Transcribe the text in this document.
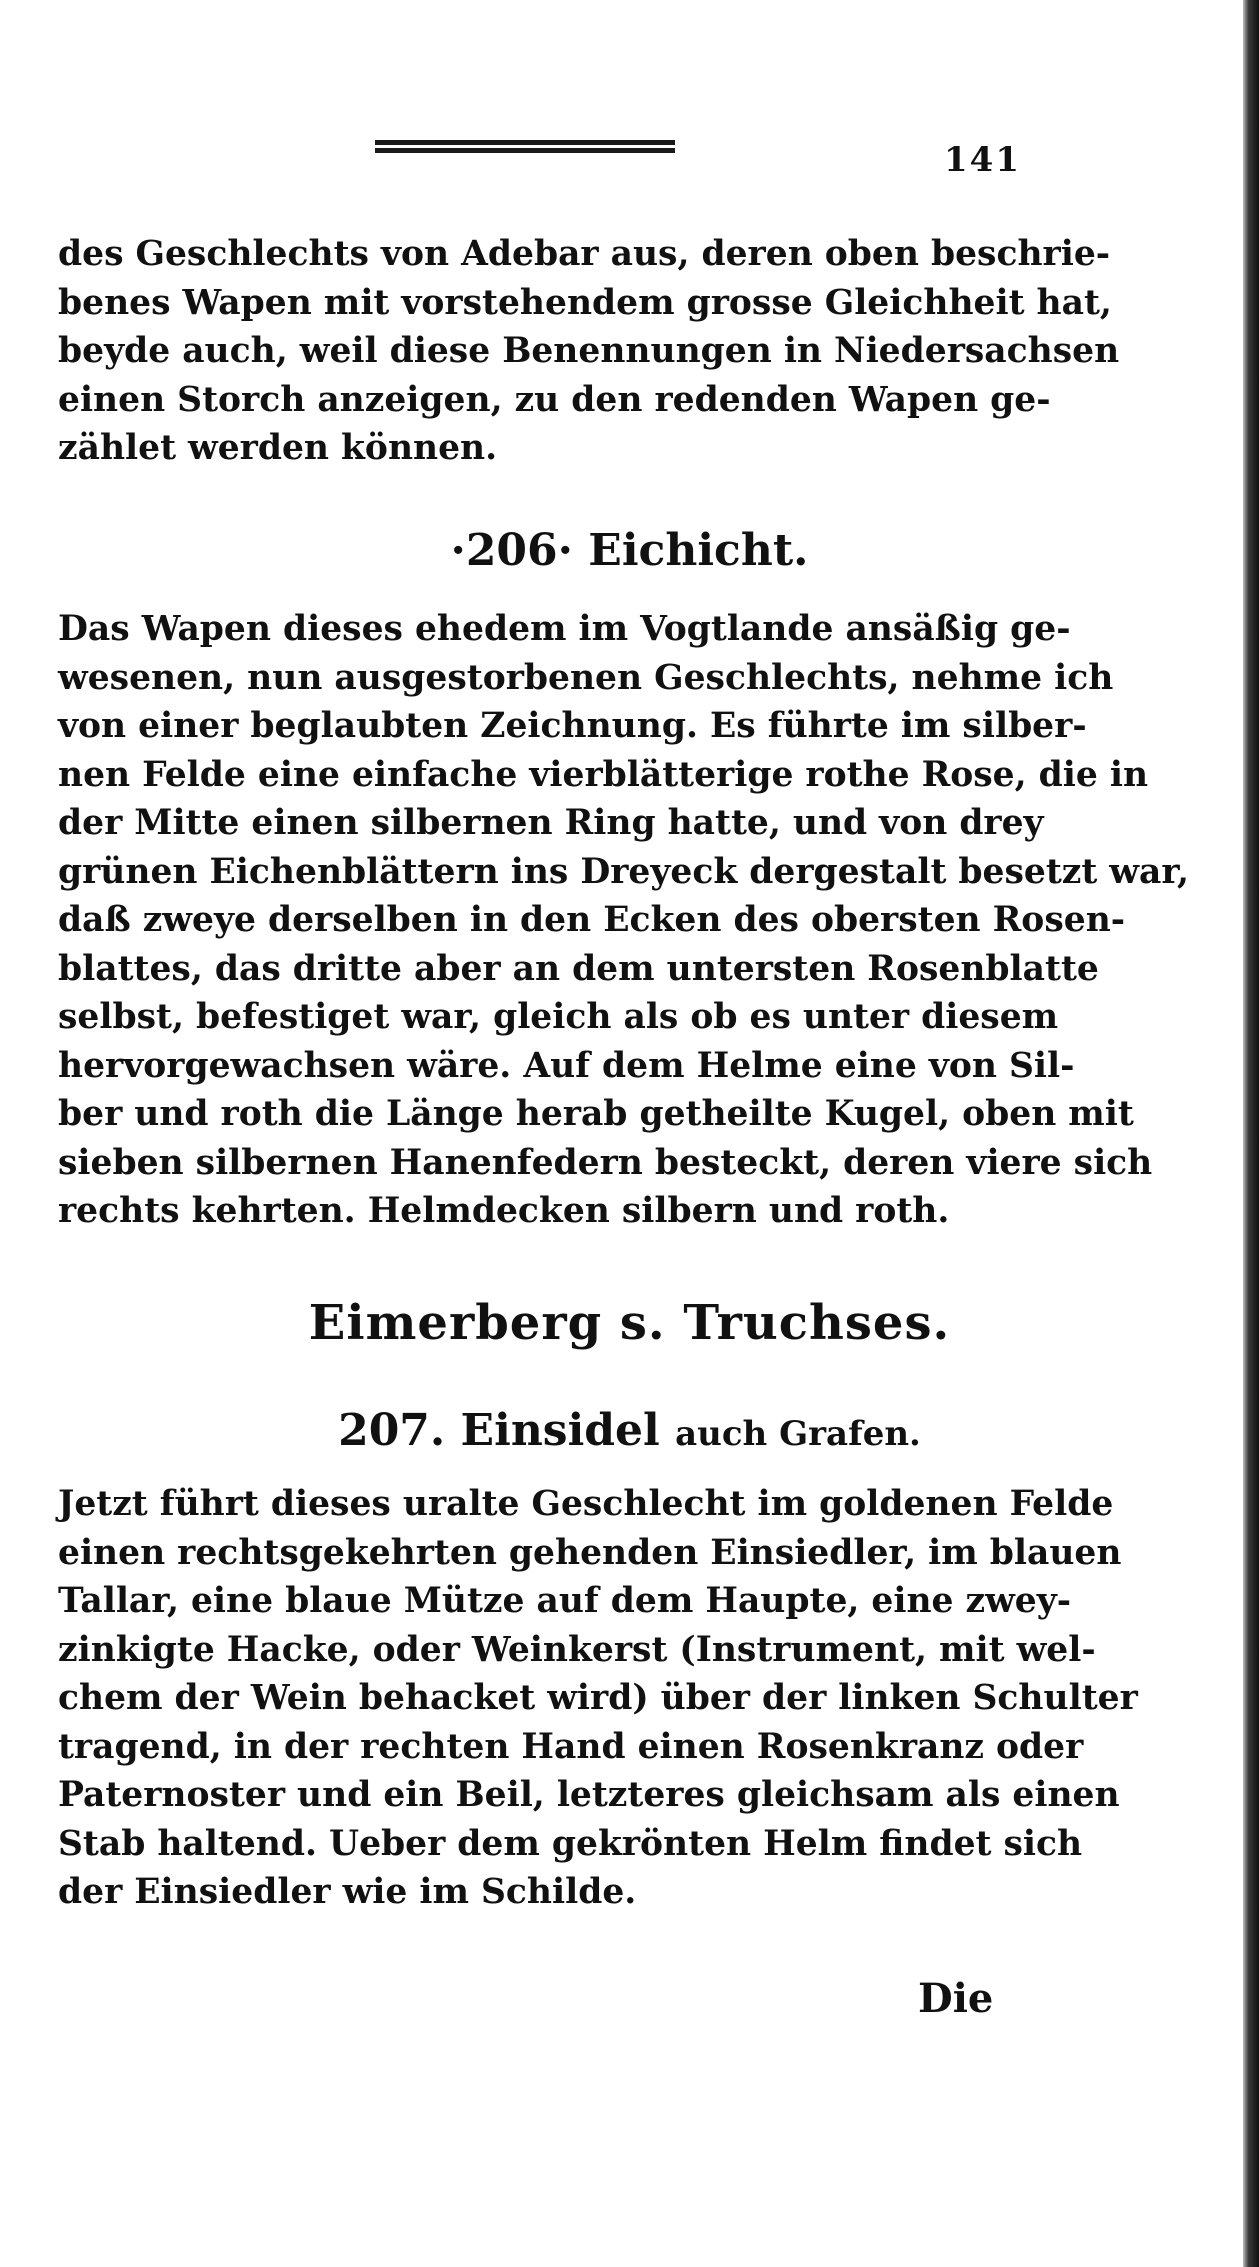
141
des Geschlechts von Adebar aus, deren oben beschrie-
benes Wapen mit vorstehendem grosse Gleichheit hat,
beyde auch, weil diese Benennungen in Niedersachsen
einen Storch anzeigen, zu den redenden Wapen ge-
zählet werden können.
·206· Eichicht.
Das Wapen dieses ehedem im Vogtlande ansäßig ge-
wesenen, nun ausgestorbenen Geschlechts, nehme ich
von einer beglaubten Zeichnung. Es führte im silber-
nen Felde eine einfache vierblätterige rothe Rose, die in
der Mitte einen silbernen Ring hatte, und von drey
grünen Eichenblättern ins Dreyeck dergestalt besetzt war,
daß zweye derselben in den Ecken des obersten Rosen-
blattes, das dritte aber an dem untersten Rosenblatte
selbst, befestiget war, gleich als ob es unter diesem
hervorgewachsen wäre. Auf dem Helme eine von Sil-
ber und roth die Länge herab getheilte Kugel, oben mit
sieben silbernen Hanenfedern besteckt, deren viere sich
rechts kehrten. Helmdecken silbern und roth.
Eimerberg s. Truchses.
207. Einsidel auch Grafen.
Jetzt führt dieses uralte Geschlecht im goldenen Felde
einen rechtsgekehrten gehenden Einsiedler, im blauen
Tallar, eine blaue Mütze auf dem Haupte, eine zwey-
zinkigte Hacke, oder Weinkerst (Instrument, mit wel-
chem der Wein behacket wird) über der linken Schulter
tragend, in der rechten Hand einen Rosenkranz oder
Paternoster und ein Beil, letzteres gleichsam als einen
Stab haltend. Ueber dem gekrönten Helm findet sich
der Einsiedler wie im Schilde.
Die
